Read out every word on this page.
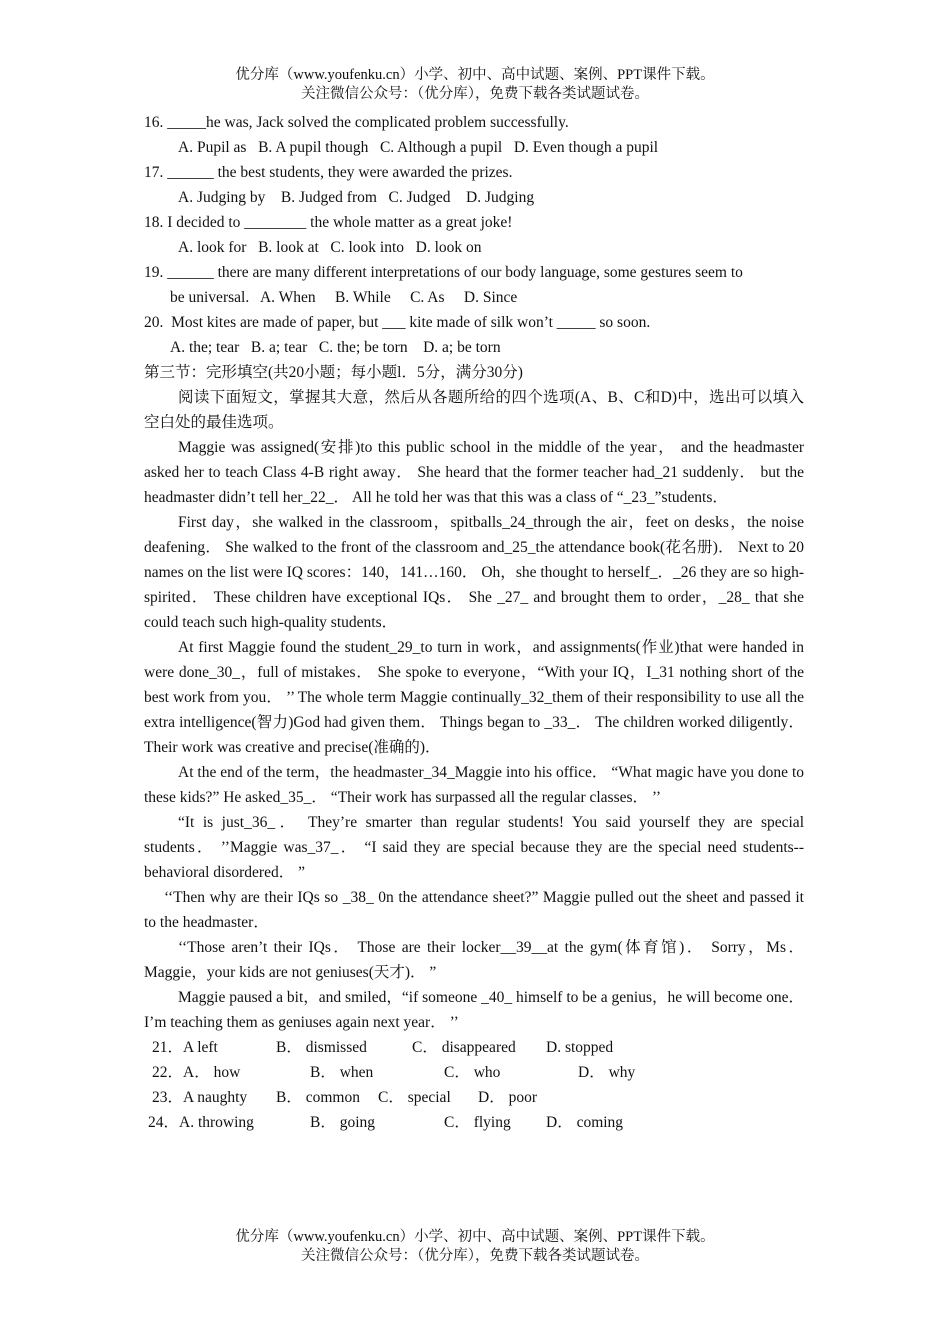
优分库（www.youfenku.cn）小学、初中、高中试题、案例、PPT课件下载。
关注微信公众号：（优分库），免费下载各类试题试卷。
16. _____he was, Jack solved the complicated problem successfully.
A. Pupil as   B. A pupil though   C. Although a pupil   D. Even though a pupil
17. ______ the best students, they were awarded the prizes.
A. Judging by    B. Judged from   C. Judged    D. Judging
18. I decided to ________ the whole matter as a great joke!
A. look for   B. look at   C. look into   D. look on
19. ______ there are many different interpretations of our body language, some gestures seem to
be universal.   A. When     B. While     C. As     D. Since
20.  Most kites are made of paper, but ___ kite made of silk won’t _____ so soon.
A. the; tear   B. a; tear   C. the; be torn    D. a; be torn
第三节：完形填空(共20小题；每小题l．5分，满分30分)
阅读下面短文，掌握其大意，然后从各题所给的四个选项(A、B、C和D)中，选出可以填入空白处的最佳选项。
Maggie was assigned(安排)to this public school in the middle of the year， and the headmaster asked her to teach Class 4-B right away． She heard that the former teacher had_21 suddenly． but the headmaster didn’t tell her_22_． All he told her was that this was a class of “_23_”students．
First day，she walked in the classroom，spitballs_24_through the air，feet on desks，the noise deafening． She walked to the front of the classroom and_25_the attendance book(花名册)． Next to 20 names on the list were IQ scores：140，141…160． Oh，she thought to herself_．_26 they are so high-spirited． These children have exceptional IQs． She _27_ and brought them to order，_28_ that she could teach such high-quality students．
At first Maggie found the student_29_to turn in work，and assignments(作业)that were handed in were done_30_，full of mistakes． She spoke to everyone，“With your IQ，I_31 nothing short of the best work from you． ’’ The whole term Maggie continually_32_them of their responsibility to use all the extra intelligence(智力)God had given them． Things began to _33_． The children worked diligently． Their work was creative and precise(准确的)．
At the end of the term，the headmaster_34_Maggie into his office． “What magic have you done to these kids?” He asked_35_． “Their work has surpassed all the regular classes． ’’
“It is just_36_． They’re smarter than regular students! You said yourself they are special students． ’’Maggie was_37_． “I said they are special because they are the special need students--behavioral disordered． ”
‘‘Then why are their IQs so _38_ 0n the attendance sheet?” Maggie pulled out the sheet and passed it to the headmaster．
‘‘Those aren’t their IQs． Those are their locker__39__at the gym(体育馆)． Sorry，Ms． Maggie，your kids are not geniuses(天才)． ”
Maggie paused a bit，and smiled，“if someone _40_ himself to be a genius，he will become one． I’m teaching them as geniuses again next year． ’’
21．A left	B． dismissed	C． disappeared D. stopped
22．A． how	B． when	C． who	D． why
23．A naughty B． common C． special D． poor
24．A. throwing	B． going	C． flying D． coming
优分库（www.youfenku.cn）小学、初中、高中试题、案例、PPT课件下载。
关注微信公众号：（优分库），免费下载各类试题试卷。
